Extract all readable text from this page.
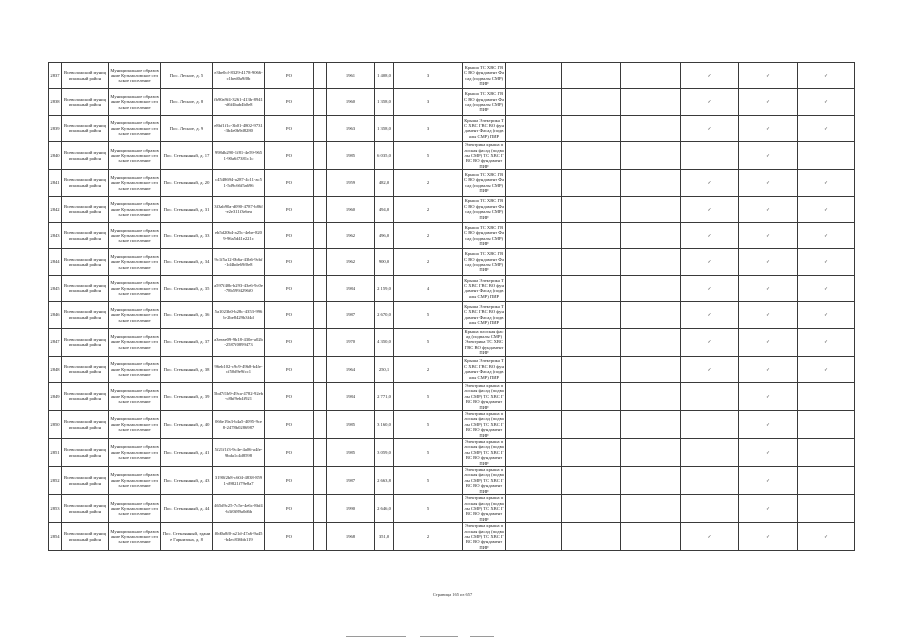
2837	Всеволожский муниципальный район	Муниципальное образование Кузьмоловское сельское поселение	Пос. Лесное, д. 5	e3be0cf-8329-4178-9066-c1bed0a9f0b	РО		1961	1 408,0	3	Крыша ТС ХВС ГВС ВО фундамент Фасад (подвалы СМР) ПИР				✓	✓	✓	
2838	Всеволожский муниципальный район	Муниципальное образование Кузьмоловское сельское поселение	Пос. Лесное, д. 8	fb90a9f4-3261-413b-8941-d6f4bab4b0e8	РО		1960	1 358,0	3	Крыша ТС ХВС ГВС ВО фундамент Фасад (подвалы СМР) ПИР				✓	✓	✓	
2839	Всеволожский муниципальный район	Муниципальное образование Кузьмоловское сельское поселение	Пос. Лесное, д. 9	e8bf1f1c-3b01-4802-9731-3b4e0b9d8280	РО		1963	1 358,0	3	Крыша Электрика ТС ХВС ГВС ВО фундамент Фасад (подвалы СМР) ПИР				✓	✓	✓	
2840	Всеволожский муниципальный район	Муниципальное образование Кузьмоловское сельское поселение	Пос. Стеклянный, д. 17	998db290-1f81-4e59-9651-90a6f7381c1c	РО		1985	6 035,0	5	Электрика крыша плоская фасад (подвалы СМР) ТС ХВС ГВС ВО фундамент ПИР					✓		
2841	Всеволожский муниципальный район	Муниципальное образование Кузьмоловское сельское поселение	Пос. Стеклянный, д. 20	c4548694-a287-4c11-ac51-5d9c66f5a696	РО		1959	482,0	2	Крыша ТС ХВС ГВС ВО фундамент Фасад (подвалы СМР) ПИР				✓	✓	✓	
2842	Всеволожский муниципальный район	Муниципальное образование Кузьмоловское сельское поселение	Пос. Стеклянный, д. 31	3f3ab90a-d090-4787-b86f-e2e311f3ebea	РО		1960	494,0	2	Крыша ТС ХВС ГВС ВО фундамент Фасад (подвалы СМР) ПИР				✓	✓	✓	
2843	Всеволожский муниципальный район	Муниципальное образование Кузьмоловское сельское поселение	Пос. Стеклянный, д. 33	eb5d20b4-a25c-4ebe-8209-96a5d41e221c	РО		1962	496,0	2	Крыша ТС ХВС ГВС ВО фундамент Фасад (подвалы СМР) ПИР				✓	✓	✓	
2844	Всеволожский муниципальный район	Муниципальное образование Кузьмоловское сельское поселение	Пос. Стеклянный, д. 34	9c1f5a12-0b6a-43b6-9cbf-1d4bde69f0e8	РО		1962	900,0	2	Крыша ТС ХВС ГВС ВО фундамент Фасад (подвалы СМР) ПИР				✓	✓	✓	
2845	Всеволожский муниципальный район	Муниципальное образование Кузьмоловское сельское поселение	Пос. Стеклянный, д. 35	a597f40b-b293-43e6-9c0e-78b5994296f0	РО		1984	2 159,0	4	Крыша Электрика ТС ХВС ГВС ВО фундамент Фасад (подвалы СМР) ПИР				✓	✓	✓	
2846	Всеволожский муниципальный район	Муниципальное образование Кузьмоловское сельское поселение	Пос. Стеклянный, д. 36	5a1023b0-b28c-4353-996b-2be8429b3f4d	РО		1987	2 670,0	5	Крыша Электрика ТС ХВС ГВС ВО фундамент Фасад (подвалы СМР) ПИР				✓	✓	✓	
2847	Всеволожский муниципальный район	Муниципальное образование Кузьмоловское сельское поселение	Пос. Стеклянный, д. 37	a3eeae09-9b18-430e-a02b-2587f0899473	РО		1970	4 350,0	5	Крыша плоская фасад (подвалы СМР) Электрика ТС ХВС ГВС ВО фундамент ПИР				✓	✓	✓	
2848	Всеволожский муниципальный район	Муниципальное образование Кузьмоловское сельское поселение	Пос. Стеклянный, д. 38	96eb102-c9c9-49b8-b4fe-cf50d9e9fcc1	РО		1964	250,1	2	Крыша Электрика ТС ХВС ГВС ВО фундамент Фасад (подвалы СМР) ПИР				✓	✓	✓	
2849	Всеволожский муниципальный район	Муниципальное образование Кузьмоловское сельское поселение	Пос. Стеклянный, д. 39	5bd7f1b9-49ca-4782-92eb-c8bf9eb4f921	РО		1984	2 771,0	5	Электрика крыша плоская фасад (подвалы СМР) ТС ХВС ГВС ВО фундамент ПИР					✓		
2850	Всеволожский муниципальный район	Муниципальное образование Кузьмоловское сельское поселение	Пос. Стеклянный, д. 40	066e19a3-b4a5-4095-9ce8-2478b0286987	РО		1985	3 160,0	5	Электрика крыша плоская фасад (подвалы СМР) ТС ХВС ГВС ВО фундамент ПИР					✓		
2851	Всеволожский муниципальный район	Муниципальное образование Кузьмоловское сельское поселение	Пос. Стеклянный, д. 41	5f21f1f3-9c4e-4a06-a4fe-9bda1c4d8598	РО		1985	3 059,0	5	Электрика крыша плоская фасад (подвалы СМР) ТС ХВС ГВС ВО фундамент ПИР					✓		
2852	Всеволожский муниципальный район	Муниципальное образование Кузьмоловское сельское поселение	Пос. Стеклянный, д. 43	3190f2b8-c604-4838-8591-d9821f79e8a7	РО		1987	2 663,8	5	Электрика крыша плоская фасад (подвалы СМР) ТС ХВС ГВС ВО фундамент ПИР					✓		
2853	Всеволожский муниципальный район	Муниципальное образование Кузьмоловское сельское поселение	Пос. Стеклянный, д. 44	465d9c25-7c5e-4e6c-8bf4-b3f0f89a0d6b	РО		1990	2 646,0	5	Электрика крыша плоская фасад (подвалы СМР) ТС ХВС ГВС ВО фундамент ПИР					✓		
2854	Всеволожский муниципальный район	Муниципальное образование Кузьмоловское сельское поселение	Пос. Стеклянный, здание Гарнизона, д. 8	f0d0a8f0-a21d-47a6-9a45-b4ec836bb119	РО		1968	351,0	2	Электрика крыша плоская фасад (подвалы СМР) ТС ХВС ГВС ВО фундамент ПИР				✓	✓	✓	
Страница 165 из 657
